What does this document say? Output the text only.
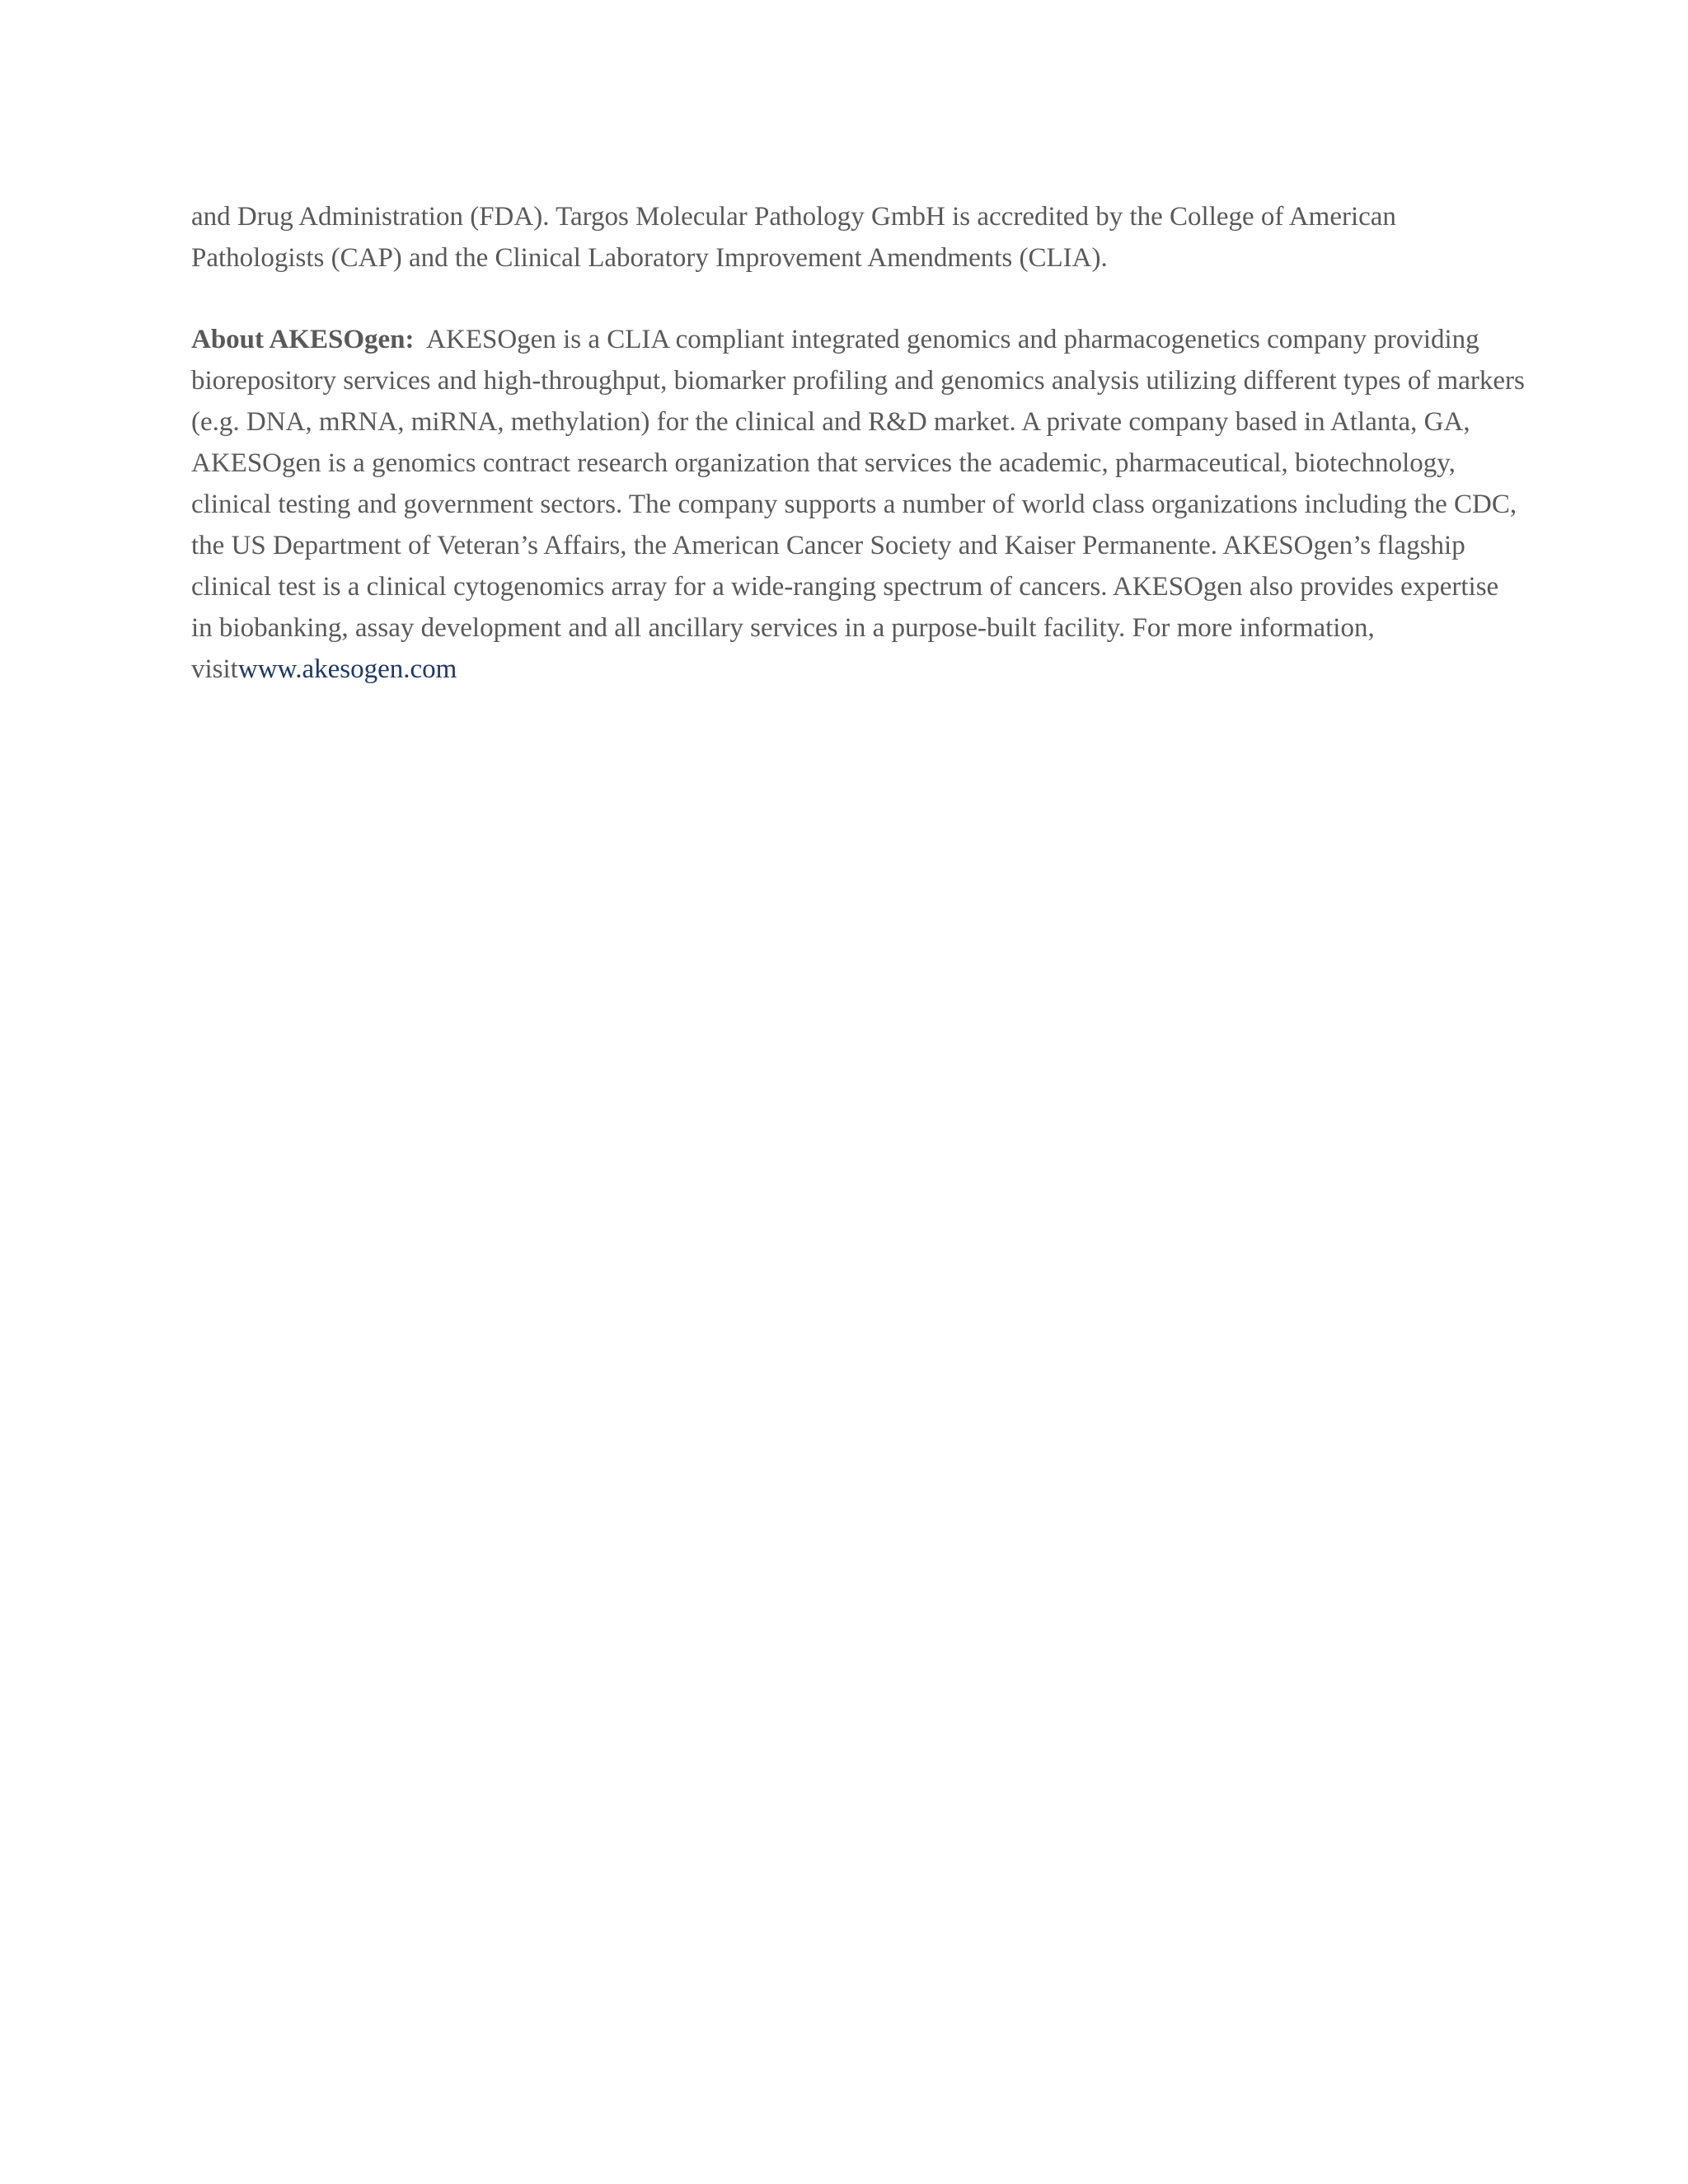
and Drug Administration (FDA). Targos Molecular Pathology GmbH is accredited by the College of American Pathologists (CAP) and the Clinical Laboratory Improvement Amendments (CLIA).

About AKESOgen: AKESOgen is a CLIA compliant integrated genomics and pharmacogenetics company providing biorepository services and high-throughput, biomarker profiling and genomics analysis utilizing different types of markers (e.g. DNA, mRNA, miRNA, methylation) for the clinical and R&D market. A private company based in Atlanta, GA, AKESOgen is a genomics contract research organization that services the academic, pharmaceutical, biotechnology, clinical testing and government sectors. The company supports a number of world class organizations including the CDC, the US Department of Veteran’s Affairs, the American Cancer Society and Kaiser Permanente. AKESOgen’s flagship clinical test is a clinical cytogenomics array for a wide-ranging spectrum of cancers. AKESOgen also provides expertise in biobanking, assay development and all ancillary services in a purpose-built facility. For more information, visitwww.akesogen.com
